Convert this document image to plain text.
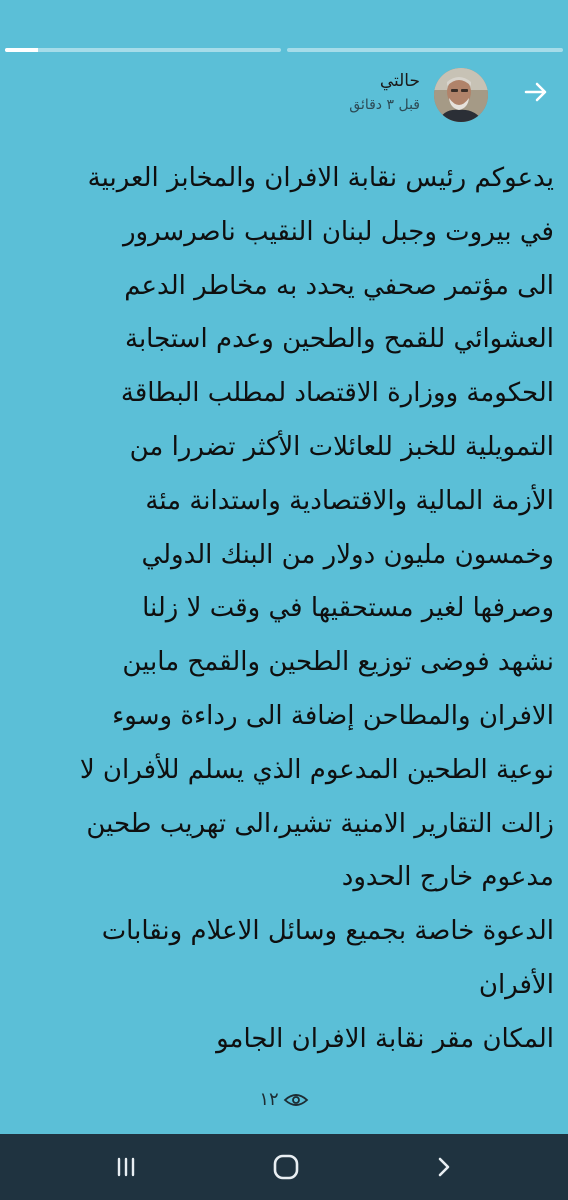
حالتي
قبل ٣ دقائق
يدعوكم رئيس نقابة الافران والمخابز العربية
في بيروت وجبل لبنان النقيب ناصرسرور
الى مؤتمر صحفي يحدد به مخاطر الدعم
العشوائي للقمح والطحين وعدم استجابة
الحكومة ووزارة الاقتصاد لمطلب البطاقة
التمويلية للخبز للعائلات الأكثر تضررا من
الأزمة المالية والاقتصادية واستدانة مئة
وخمسون مليون دولار من البنك الدولي
وصرفها لغير مستحقيها في وقت لا زلنا
نشهد فوضى توزيع الطحين والقمح مابين
الافران والمطاحن إضافة الى رداءة وسوء
نوعية الطحين المدعوم الذي يسلم للأفران لا
زالت التقارير الامنية تشير،الى تهريب طحين
مدعوم خارج الحدود
الدعوة خاصة بجميع وسائل الاعلام ونقابات
الأفران
المكان مقر نقابة الافران الجامو
١٢
